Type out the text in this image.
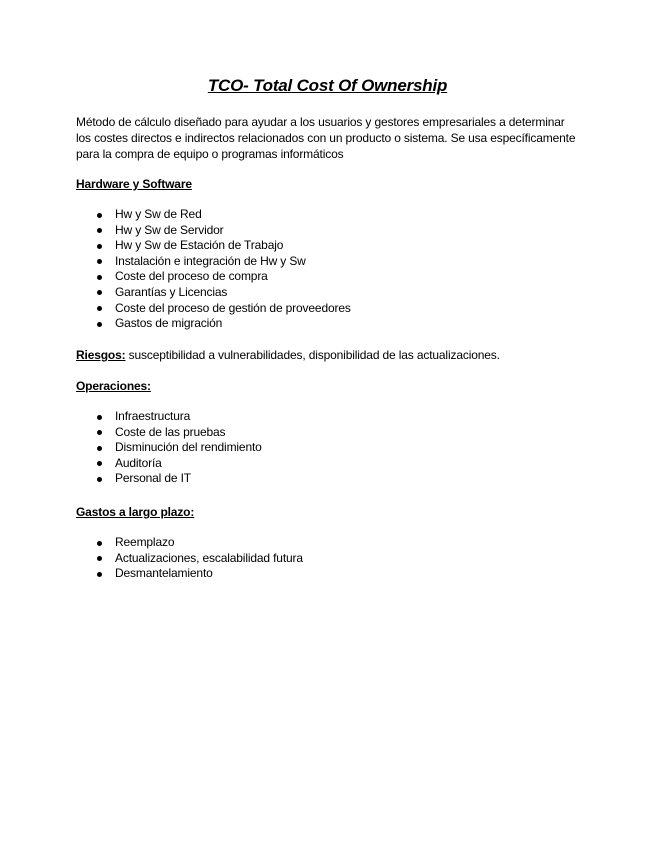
TCO- Total Cost Of Ownership
Método de cálculo diseñado para ayudar a los usuarios y gestores empresariales a determinar los costes directos e indirectos relacionados con un producto o sistema. Se usa específicamente para la compra de equipo o programas informáticos
Hardware y Software
Hw y Sw de Red
Hw y Sw de Servidor
Hw y Sw de Estación de Trabajo
Instalación e integración de Hw y Sw
Coste del proceso de compra
Garantías y Licencias
Coste del proceso de gestión de proveedores
Gastos de migración
Riesgos: susceptibilidad a vulnerabilidades, disponibilidad de las actualizaciones.
Operaciones:
Infraestructura
Coste de las pruebas
Disminución del rendimiento
Auditoría
Personal de IT
Gastos a largo plazo:
Reemplazo
Actualizaciones, escalabilidad futura
Desmantelamiento
